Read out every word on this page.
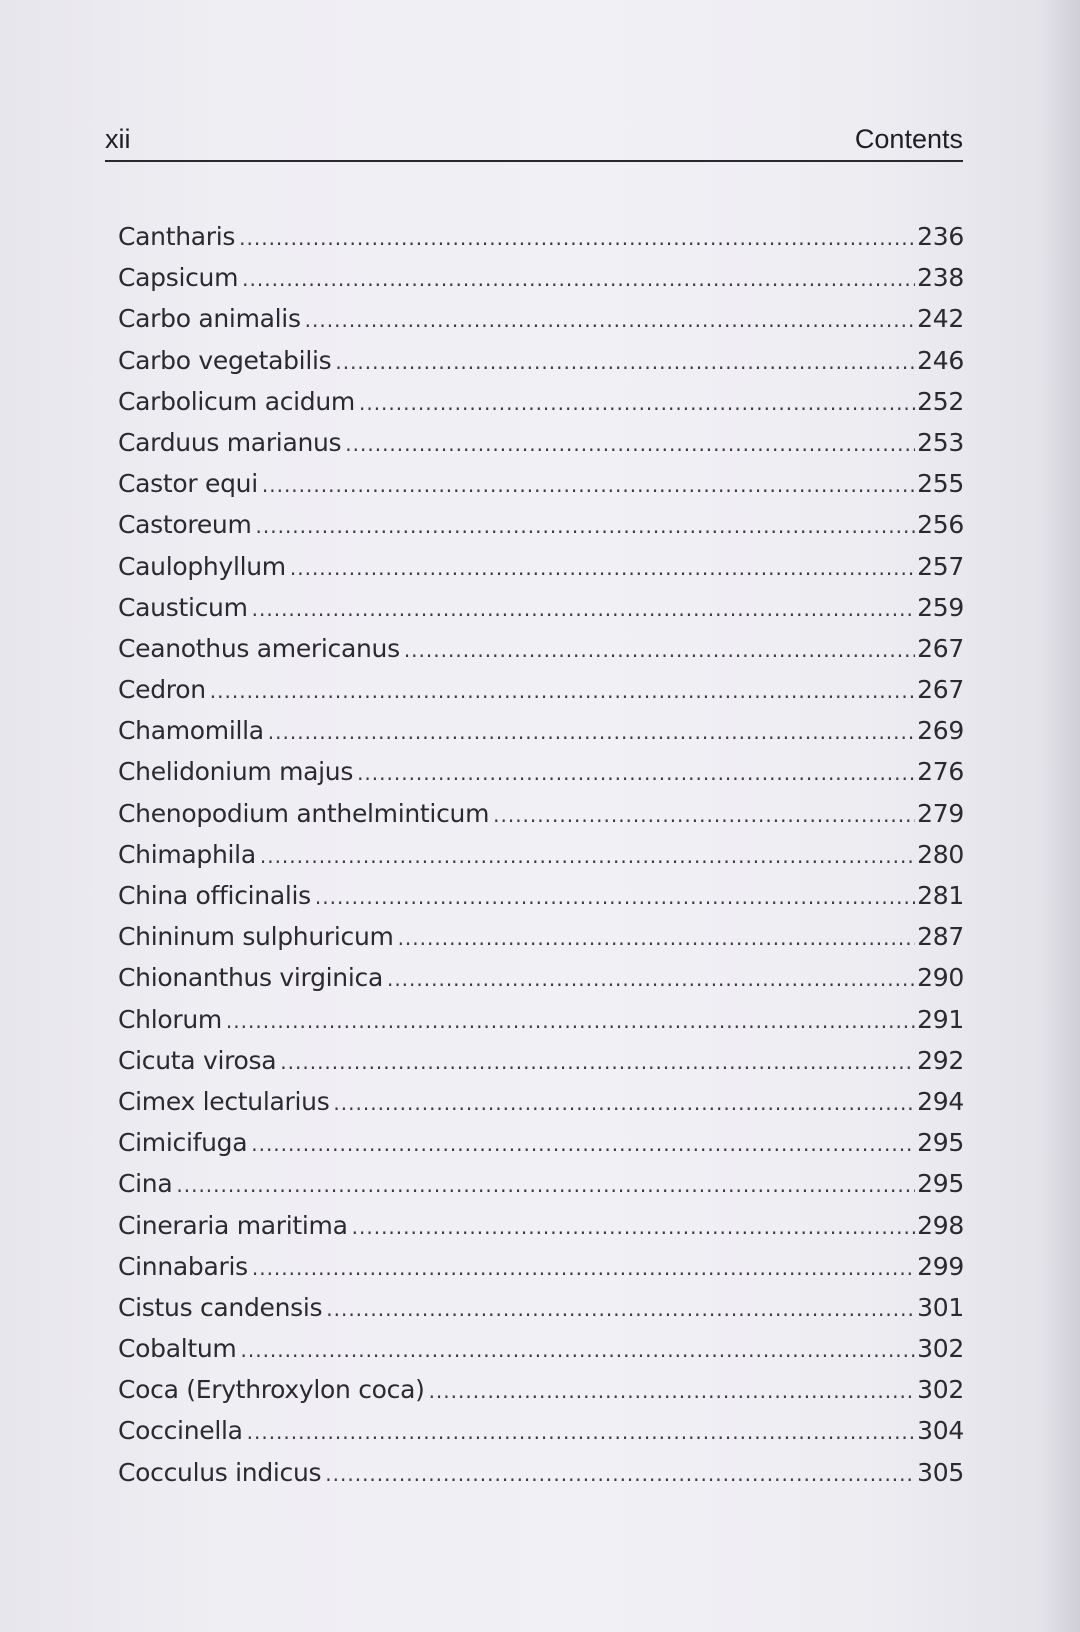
xii	Contents
Cantharis .....	236
Capsicum .....	238
Carbo animalis .....	242
Carbo vegetabilis .....	246
Carbolicum acidum .....	252
Carduus marianus .....	253
Castor equi .....	255
Castoreum .....	256
Caulophyllum .....	257
Causticum .....	259
Ceanothus americanus .....	267
Cedron .....	267
Chamomilla .....	269
Chelidonium majus .....	276
Chenopodium anthelminticum .....	279
Chimaphila .....	280
China officinalis .....	281
Chininum sulphuricum .....	287
Chionanthus virginica .....	290
Chlorum .....	291
Cicuta virosa .....	292
Cimex lectularius .....	294
Cimicifuga .....	295
Cina .....	295
Cineraria maritima .....	298
Cinnabaris .....	299
Cistus candensis .....	301
Cobaltum .....	302
Coca (Erythroxylon coca) .....	302
Coccinella .....	304
Cocculus indicus .....	305
